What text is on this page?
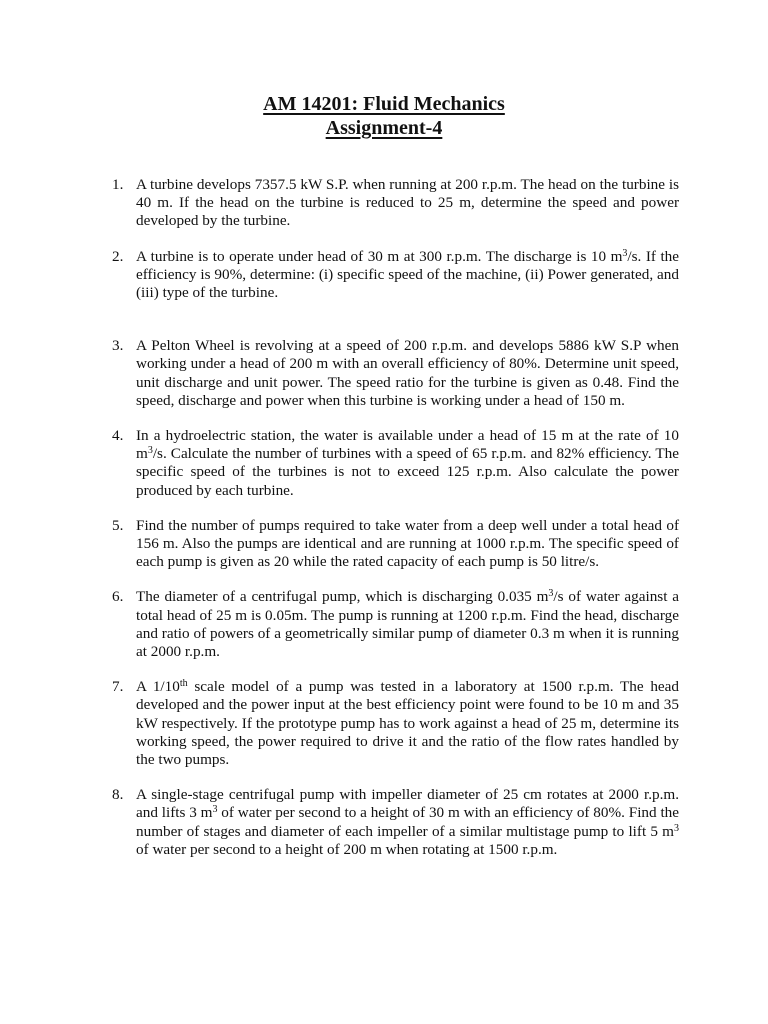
AM 14201: Fluid Mechanics
Assignment-4
1. A turbine develops 7357.5 kW S.P. when running at 200 r.p.m. The head on the turbine is 40 m. If the head on the turbine is reduced to 25 m, determine the speed and power developed by the turbine.
2. A turbine is to operate under head of 30 m at 300 r.p.m. The discharge is 10 $m^3/s$. If the efficiency is 90%, determine: (i) specific speed of the machine, (ii) Power generated, and (iii) type of the turbine.
3. A Pelton Wheel is revolving at a speed of 200 r.p.m. and develops 5886 kW S.P when working under a head of 200 m with an overall efficiency of 80%. Determine unit speed, unit discharge and unit power. The speed ratio for the turbine is given as 0.48. Find the speed, discharge and power when this turbine is working under a head of 150 m.
4. In a hydroelectric station, the water is available under a head of 15 m at the rate of 10 $m^3/s$. Calculate the number of turbines with a speed of 65 r.p.m. and 82% efficiency. The specific speed of the turbines is not to exceed 125 r.p.m. Also calculate the power produced by each turbine.
5. Find the number of pumps required to take water from a deep well under a total head of 156 m. Also the pumps are identical and are running at 1000 r.p.m. The specific speed of each pump is given as 20 while the rated capacity of each pump is 50 litre/s.
6. The diameter of a centrifugal pump, which is discharging 0.035 $m^3/s$ of water against a total head of 25 m is 0.05m. The pump is running at 1200 r.p.m. Find the head, discharge and ratio of powers of a geometrically similar pump of diameter 0.3 m when it is running at 2000 r.p.m.
7. A 1/10th scale model of a pump was tested in a laboratory at 1500 r.p.m. The head developed and the power input at the best efficiency point were found to be 10 m and 35 kW respectively. If the prototype pump has to work against a head of 25 m, determine its working speed, the power required to drive it and the ratio of the flow rates handled by the two pumps.
8. A single-stage centrifugal pump with impeller diameter of 25 cm rotates at 2000 r.p.m. and lifts 3 $m^3$ of water per second to a height of 30 m with an efficiency of 80%. Find the number of stages and diameter of each impeller of a similar multistage pump to lift 5 $m^3$ of water per second to a height of 200 m when rotating at 1500 r.p.m.
